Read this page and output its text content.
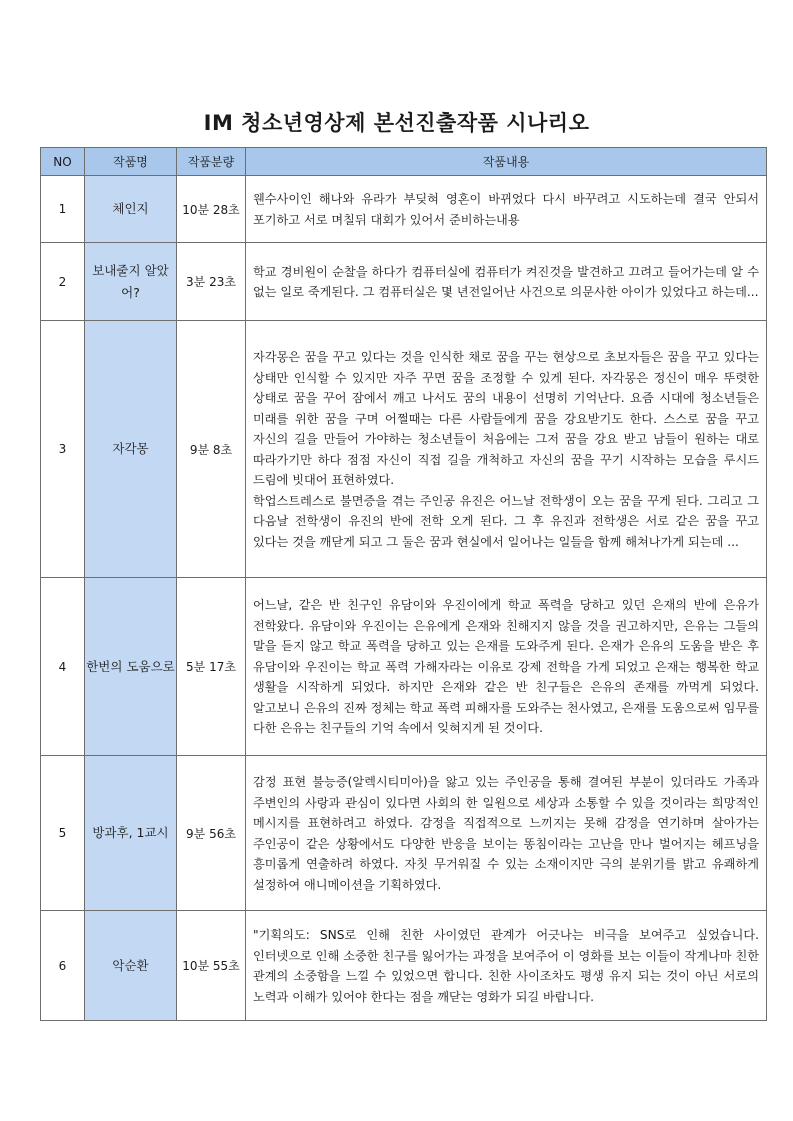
IM 청소년영상제 본선진출작품 시나리오
NO	작품명	작품분량	작품내용
1	체인지	10분 28초	웬수사이인 해나와 유라가 부딪혀 영혼이 바뀌었다 다시 바꾸려고 시도하는데 결국 안되서 포기하고 서로 며칠뒤 대회가 있어서 준비하는내용

2	보내줄지 알았어?	3분 23초	학교 경비원이 순찰을 하다가 컴퓨터실에 컴퓨터가 켜진것을 발견하고 끄려고 들어가는데 알 수 없는 일로 죽게된다. 그 컴퓨터실은 몇 년전일어난 사건으로 의문사한 아이가 있었다고 하는데...

3	자각몽	9분 8초	자각몽은 꿈을 꾸고 있다는 것을 인식한 채로 꿈을 꾸는 현상으로 초보자들은 꿈을 꾸고 있다는 상태만 인식할 수 있지만 자주 꾸면 꿈을 조정할 수 있게 된다. 자각몽은 정신이 매우 뚜렷한 상태로 꿈을 꾸어 잠에서 깨고 나서도 꿈의 내용이 선명히 기억난다. 요즘 시대에 청소년들은 미래를 위한 꿈을 구며 어쩔때는 다른 사람들에게 꿈을 강요받기도 한다. 스스로 꿈을 꾸고 자신의 길을 만들어 가야하는 청소년들이 처음에는 그저 꿈을 강요 받고 남들이 원하는 대로 따라가기만 하다 점점 자신이 직접 길을 개척하고 자신의 꿈을 꾸기 시작하는 모습을 루시드 드림에 빗대어 표현하였다.
학업스트레스로 불면증을 겪는 주인공 유진은 어느날 전학생이 오는 꿈을 꾸게 된다. 그리고 그 다음날 전학생이 유진의 반에 전학 오게 된다. 그 후 유진과 전학생은 서로 같은 꿈을 꾸고 있다는 것을 깨닫게 되고 그 둘은 꿈과 현실에서 일어나는 일들을 함께 해쳐나가게 되는데 ...

4	한번의 도움으로	5분 17초	어느날, 같은 반 친구인 유담이와 우진이에게 학교 폭력을 당하고 있던 은재의 반에 은유가 전학왔다. 유담이와 우진이는 은유에게 은재와 친해지지 않을 것을 권고하지만, 은유는 그들의 말을 듣지 않고 학교 폭력을 당하고 있는 은재를 도와주게 된다. 은재가 은유의 도움을 받은 후 유담이와 우진이는 학교 폭력 가해자라는 이유로 강제 전학을 가게 되었고 은재는 행복한 학교 생활을 시작하게 되었다. 하지만 은재와 같은 반 친구들은 은유의 존재를 까먹게 되었다. 알고보니 은유의 진짜 정체는 학교 폭력 피해자를 도와주는 천사였고, 은재를 도움으로써 임무를 다한 은유는 친구들의 기억 속에서 잊혀지게 된 것이다.

5	방과후, 1교시	9분 56초	감정 표현 불능증(알렉시티미아)을 앓고 있는 주인공을 통해 결여된 부분이 있더라도 가족과 주변인의 사랑과 관심이 있다면 사회의 한 일원으로 세상과 소통할 수 있을 것이라는 희망적인 메시지를 표현하려고 하였다. 감정을 직접적으로 느끼지는 못해 감정을 연기하며 살아가는 주인공이 같은 상황에서도 다양한 반응을 보이는 똥침이라는 고난을 만나 벌어지는 헤프닝을 흥미롭게 연출하려 하였다. 자칫 무거워질 수 있는 소재이지만 극의 분위기를 밝고 유쾌하게 설정하여 애니메이션을 기획하였다.

6	악순환	10분 55초	"기획의도: SNS로 인해 친한 사이였던 관계가 어긋나는 비극을 보여주고 싶었습니다. 인터넷으로 인해 소중한 친구를 잃어가는 과정을 보여주어 이 영화를 보는 이들이 작게나마 친한 관계의 소중함을 느낄 수 있었으면 합니다. 친한 사이조차도 평생 유지 되는 것이 아닌 서로의 노력과 이해가 있어야 한다는 점을 깨닫는 영화가 되길 바랍니다.
